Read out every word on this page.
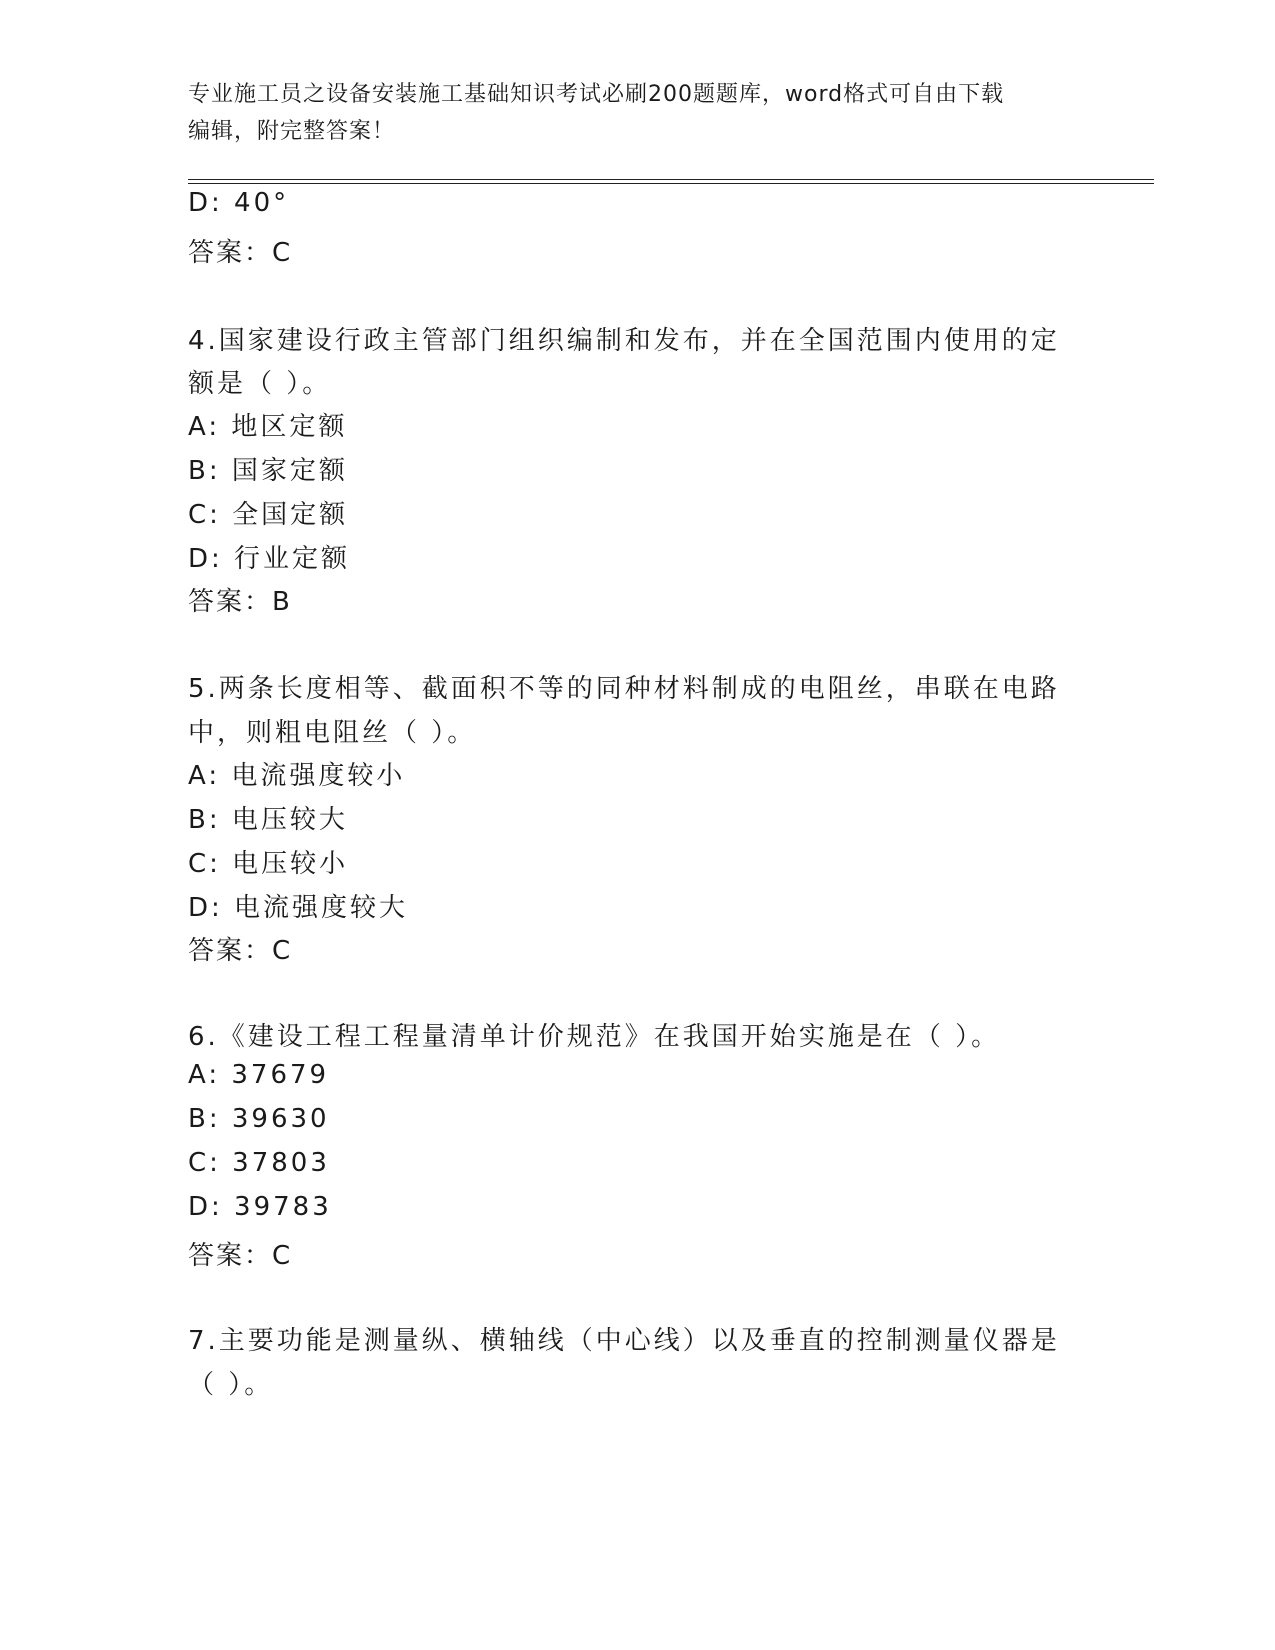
专业施工员之设备安装施工基础知识考试必刷200题题库，word格式可自由下载
编辑，附完整答案！
D: 40°
答案：C
4.国家建设行政主管部门组织编制和发布，并在全国范围内使用的定
额是（ ）。
A: 地区定额
B: 国家定额
C: 全国定额
D: 行业定额
答案：B
5.两条长度相等、截面积不等的同种材料制成的电阻丝，串联在电路
中，则粗电阻丝（ ）。
A: 电流强度较小
B: 电压较大
C: 电压较小
D: 电流强度较大
答案：C
6.《建设工程工程量清单计价规范》在我国开始实施是在（ ）。
A: 37679
B: 39630
C: 37803
D: 39783
答案：C
7.主要功能是测量纵、横轴线（中心线）以及垂直的控制测量仪器是
（ ）。
